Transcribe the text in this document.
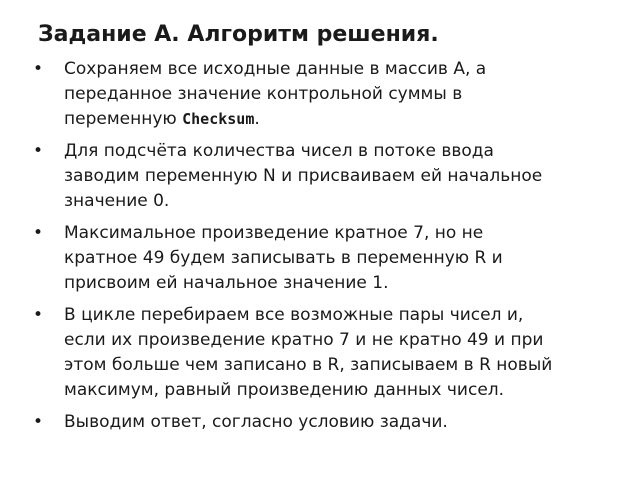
Задание А. Алгоритм решения.
• Сохраняем все исходные данные в массив А, а
переданное значение контрольной суммы в
переменную Checksum.
• Для подсчёта количества чисел в потоке ввода
заводим переменную N и присваиваем ей начальное
значение 0.
• Максимальное произведение кратное 7, но не
кратное 49 будем записывать в переменную R и
присвоим ей начальное значение 1.
• В цикле перебираем все возможные пары чисел и,
если их произведение кратно 7 и не кратно 49 и при
этом больше чем записано в R, записываем в R новый
максимум, равный произведению данных чисел.
• Выводим ответ, согласно условию задачи.
